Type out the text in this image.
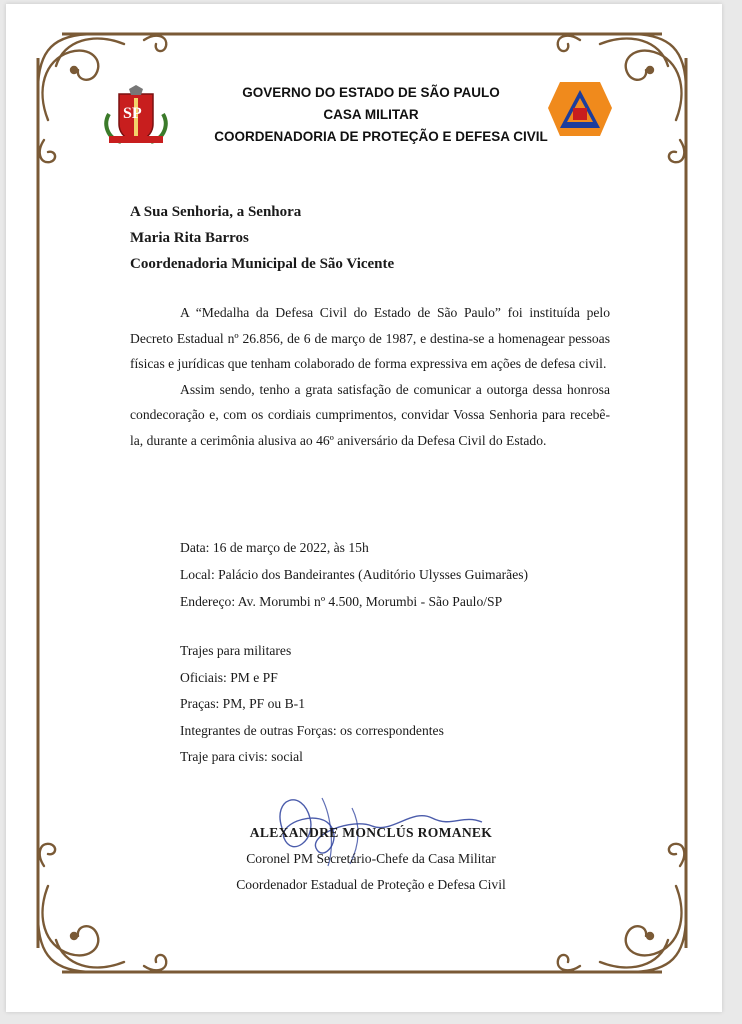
SP
GOVERNO DO ESTADO DE SÃO PAULO
CASA MILITAR
COORDENADORIA DE PROTEÇÃO E DEFESA CIVIL
A Sua Senhoria, a Senhora
Maria Rita Barros
Coordenadoria Municipal de São Vicente

A “Medalha da Defesa Civil do Estado de São Paulo” foi instituída pelo Decreto Estadual nº 26.856, de 6 de março de 1987, e destina-se a homenagear pessoas físicas e jurídicas que tenham colaborado de forma expressiva em ações de defesa civil.

Assim sendo, tenho a grata satisfação de comunicar a outorga dessa honrosa condecoração e, com os cordiais cumprimentos, convidar Vossa Senhoria para recebê-la, durante a cerimônia alusiva ao 46º aniversário da Defesa Civil do Estado.

Data: 16 de março de 2022, às 15h
Local: Palácio dos Bandeirantes (Auditório Ulysses Guimarães)
Endereço: Av. Morumbi nº 4.500, Morumbi - São Paulo/SP
Trajes para militares
Oficiais: PM e PF
Praças: PM, PF ou B-1
Integrantes de outras Forças: os correspondentes
Traje para civis: social
ALEXANDRE MONCLÚS ROMANEK
Coronel PM Secretário-Chefe da Casa Militar
Coordenador Estadual de Proteção e Defesa Civil
